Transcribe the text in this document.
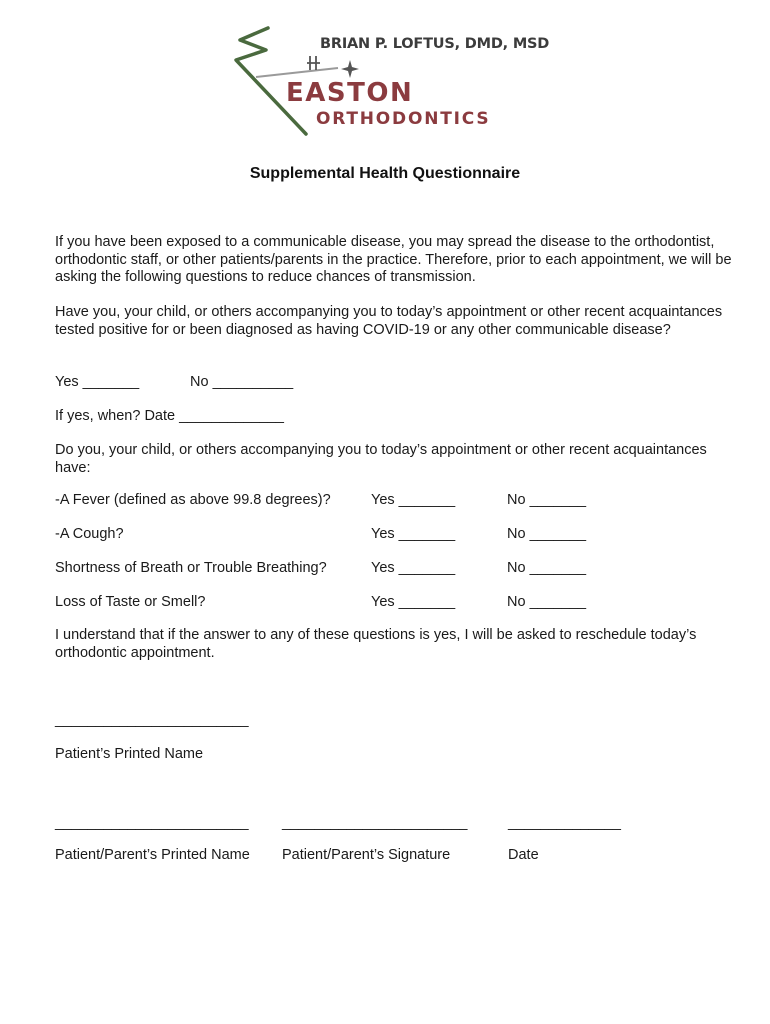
BRIAN P. LOFTUS, DMD, MSD
EASTON
ORTHODONTICS
Supplemental Health Questionnaire
If you have been exposed to a communicable disease, you may spread the disease to the orthodontist, orthodontic staff, or other patients/parents in the practice. Therefore, prior to each appointment, we will be asking the following questions to reduce chances of transmission.
Have you, your child, or others accompanying you to today’s appointment or other recent acquaintances tested positive for or been diagnosed as having COVID-19 or any other communicable disease?
Yes _______	No __________
If yes, when? Date _____________
Do you, your child, or others accompanying you to today’s appointment or other recent acquaintances have:
-A Fever (defined as above 99.8 degrees)?	Yes _______	No _______
-A Cough?	Yes _______	No _______
Shortness of Breath or Trouble Breathing?	Yes _______	No _______
Loss of Taste or Smell?	Yes _______	No _______
I understand that if the answer to any of these questions is yes, I will be asked to reschedule today’s orthodontic appointment.
________________________
Patient’s Printed Name
________________________ _______________________	______________
Patient/Parent’s Printed Name Patient/Parent’s Signature	Date
